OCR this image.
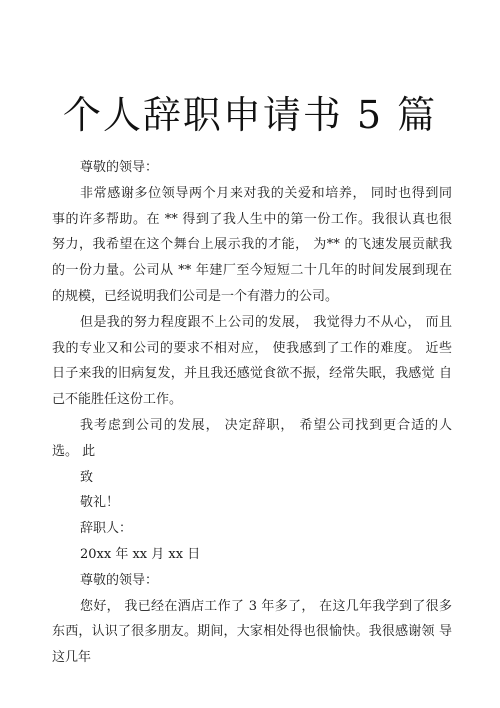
个人辞职申请书 5 篇

尊敬的领导：

非常感谢多位领导两个月来对我的关爱和培养， 同时也得到同 事的许多帮助。在 ** 得到了我人生中的第一份工作。我很认真也很 努力，我希望在这个舞台上展示我的才能， 为** 的飞速发展贡献我 的一份力量。公司从 ** 年建厂至今短短二十几年的时间发展到现在 的规模，已经说明我们公司是一个有潜力的公司。

但是我的努力程度跟不上公司的发展， 我觉得力不从心， 而且 我的专业又和公司的要求不相对应， 使我感到了工作的难度。 近些 日子来我的旧病复发，并且我还感觉食欲不振，经常失眠，我感觉 自己不能胜任这份工作。

我考虑到公司的发展， 决定辞职， 希望公司找到更合适的人选。 此

致

敬礼！

辞职人：

20xx 年 xx 月 xx 日

尊敬的领导：

您好， 我已经在酒店工作了 3 年多了， 在这几年我学到了很多 东西，认识了很多朋友。期间，大家相处得也很愉快。我很感谢领 导这几年
